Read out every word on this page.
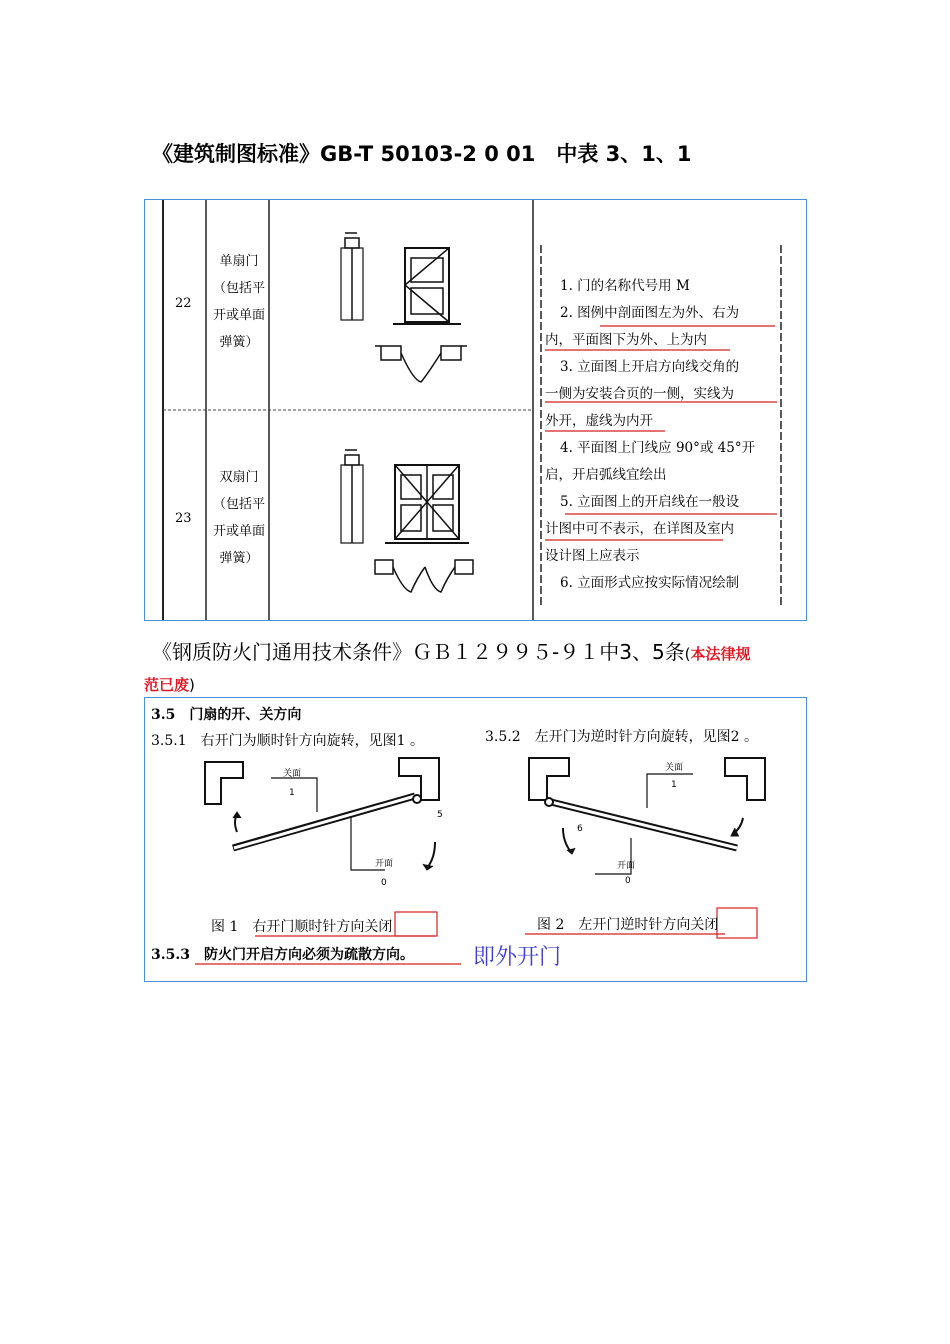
《建筑制图标准》GB-T 50103-2 0 01　中表 3、1、1
22
单扇门
（包括平
开或单面
弹簧）
23
双扇门
（包括平
开或单面
弹簧）
1. 门的名称代号用 M
2. 图例中剖面图左为外、右为
内，平面图下为外、上为内
3. 立面图上开启方向线交角的
一侧为安装合页的一侧，实线为
外开，虚线为内开
4. 平面图上门线应 90°或 45°开
启，开启弧线宜绘出
5. 立面图上的开启线在一般设
计图中可不表示，在详图及室内
设计图上应表示
6. 立面形式应按实际情况绘制
《钢质防火门通用技术条件》ＧＢ１２９９５-９１中3、5条(本法律规
范已废)
3.5　门扇的开、关方向
3.5.1　右开门为顺时针方向旋转，见图1 。	3.5.2　左开门为逆时针方向旋转，见图2 。
关面
1
5
开面
0
图 1　右开门顺时针方向关闭
关面
1
6
开面
0
图 2　左开门逆时针方向关闭
3.5.3　防火门开启方向必须为疏散方向。	即外开门
